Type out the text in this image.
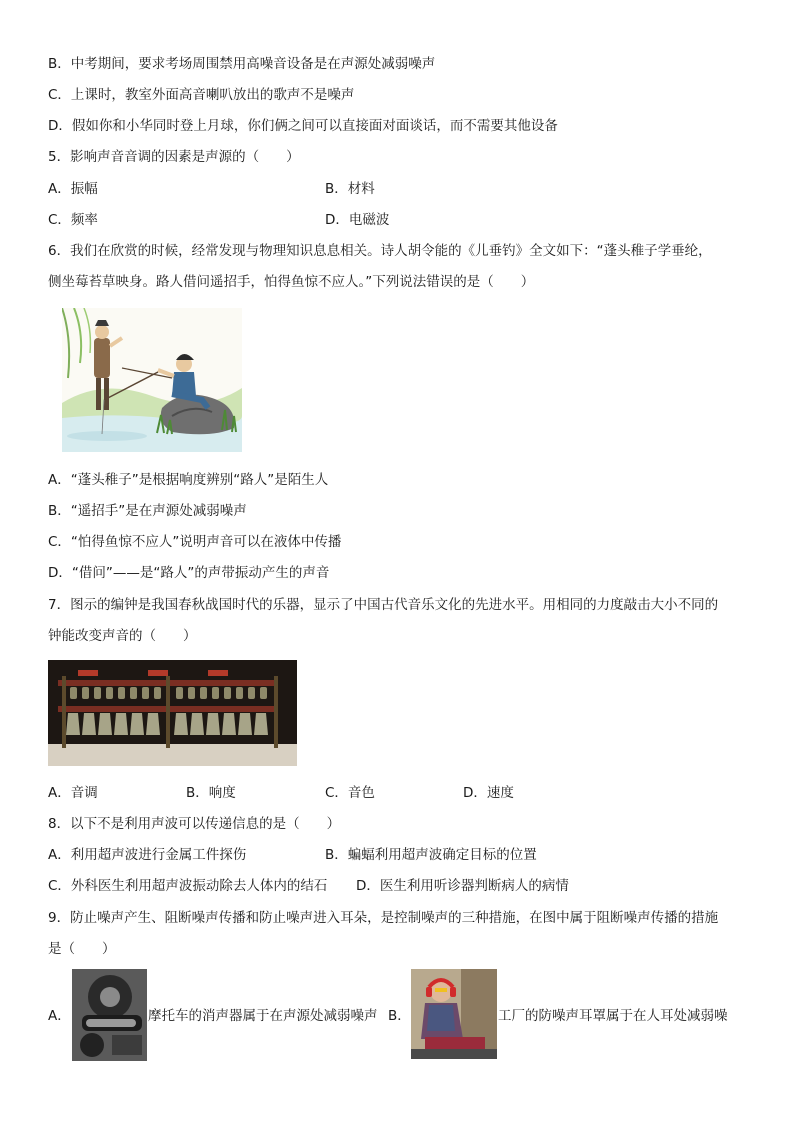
B．中考期间，要求考场周围禁用高噪音设备是在声源处减弱噪声
C．上课时，教室外面高音喇叭放出的歌声不是噪声
D．假如你和小华同时登上月球，你们俩之间可以直接面对面谈话，而不需要其他设备
5．影响声音音调的因素是声源的（　　）
A．振幅	B．材料
C．频率	D．电磁波
6．我们在欣赏的时候，经常发现与物理知识息息相关。诗人胡令能的《儿垂钓》全文如下：“蓬头稚子学垂纶，
侧坐莓苔草映身。路人借问遥招手，怕得鱼惊不应人。”下列说法错误的是（　　）
A．“蓬头稚子”是根据响度辨别“路人”是陌生人
B．“遥招手”是在声源处减弱噪声
C．“怕得鱼惊不应人”说明声音可以在液体中传播
D．“借问”——是“路人”的声带振动产生的声音
7．图示的编钟是我国春秋战国时代的乐器，显示了中国古代音乐文化的先进水平。用相同的力度敲击大小不同的
钟能改变声音的（　　）
A．音调	B．响度	C．音色	D．速度
8．以下不是利用声波可以传递信息的是（　　）
A．利用超声波进行金属工件探伤	B．蝙蝠利用超声波确定目标的位置
C．外科医生利用超声波振动除去人体内的结石 D．医生利用听诊器判断病人的病情
9．防止噪声产生、阻断噪声传播和防止噪声进入耳朵，是控制噪声的三种措施，在图中属于阻断噪声传播的措施
是（　　）
A．	摩托车的消声器属于在声源处减弱噪声 B．	工厂的防噪声耳罩属于在人耳处减弱噪
